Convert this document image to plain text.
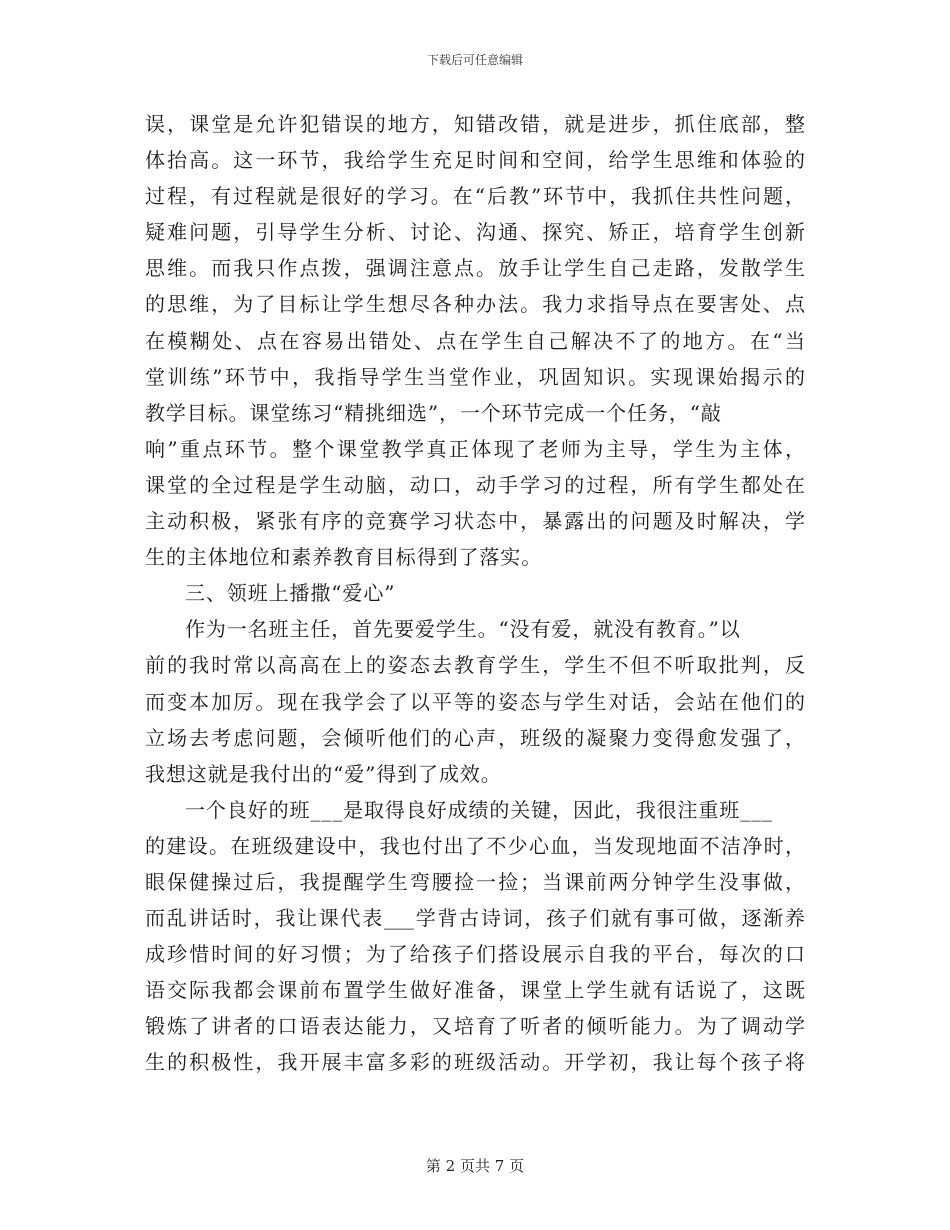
下载后可任意编辑
误，课堂是允许犯错误的地方，知错改错，就是进步，抓住底部，整
体抬高。这一环节，我给学生充足时间和空间，给学生思维和体验的
过程，有过程就是很好的学习。在“后教”环节中，我抓住共性问题，
疑难问题，引导学生分析、讨论、沟通、探究、矫正，培育学生创新
思维。而我只作点拨，强调注意点。放手让学生自己走路，发散学生
的思维，为了目标让学生想尽各种办法。我力求指导点在要害处、点
在模糊处、点在容易出错处、点在学生自己解决不了的地方。在“当
堂训练”环节中，我指导学生当堂作业，巩固知识。实现课始揭示的
教学目标。课堂练习“精挑细选”，一个环节完成一个任务，“敲
响”重点环节。整个课堂教学真正体现了老师为主导，学生为主体，
课堂的全过程是学生动脑，动口，动手学习的过程，所有学生都处在
主动积极，紧张有序的竞赛学习状态中，暴露出的问题及时解决，学
生的主体地位和素养教育目标得到了落实。
三、领班上播撒“爱心”
作为一名班主任，首先要爱学生。“没有爱，就没有教育。”以
前的我时常以高高在上的姿态去教育学生，学生不但不听取批判，反
而变本加厉。现在我学会了以平等的姿态与学生对话，会站在他们的
立场去考虑问题，会倾听他们的心声，班级的凝聚力变得愈发强了，
我想这就是我付出的“爱”得到了成效。
一个良好的班___是取得良好成绩的关键，因此，我很注重班___
的建设。在班级建设中，我也付出了不少心血，当发现地面不洁净时，
眼保健操过后，我提醒学生弯腰捡一捡；当课前两分钟学生没事做，
而乱讲话时，我让课代表___学背古诗词，孩子们就有事可做，逐渐养
成珍惜时间的好习惯；为了给孩子们搭设展示自我的平台，每次的口
语交际我都会课前布置学生做好准备，课堂上学生就有话说了，这既
锻炼了讲者的口语表达能力，又培育了听者的倾听能力。为了调动学
生的积极性，我开展丰富多彩的班级活动。开学初，我让每个孩子将
第 2 页共 7 页
